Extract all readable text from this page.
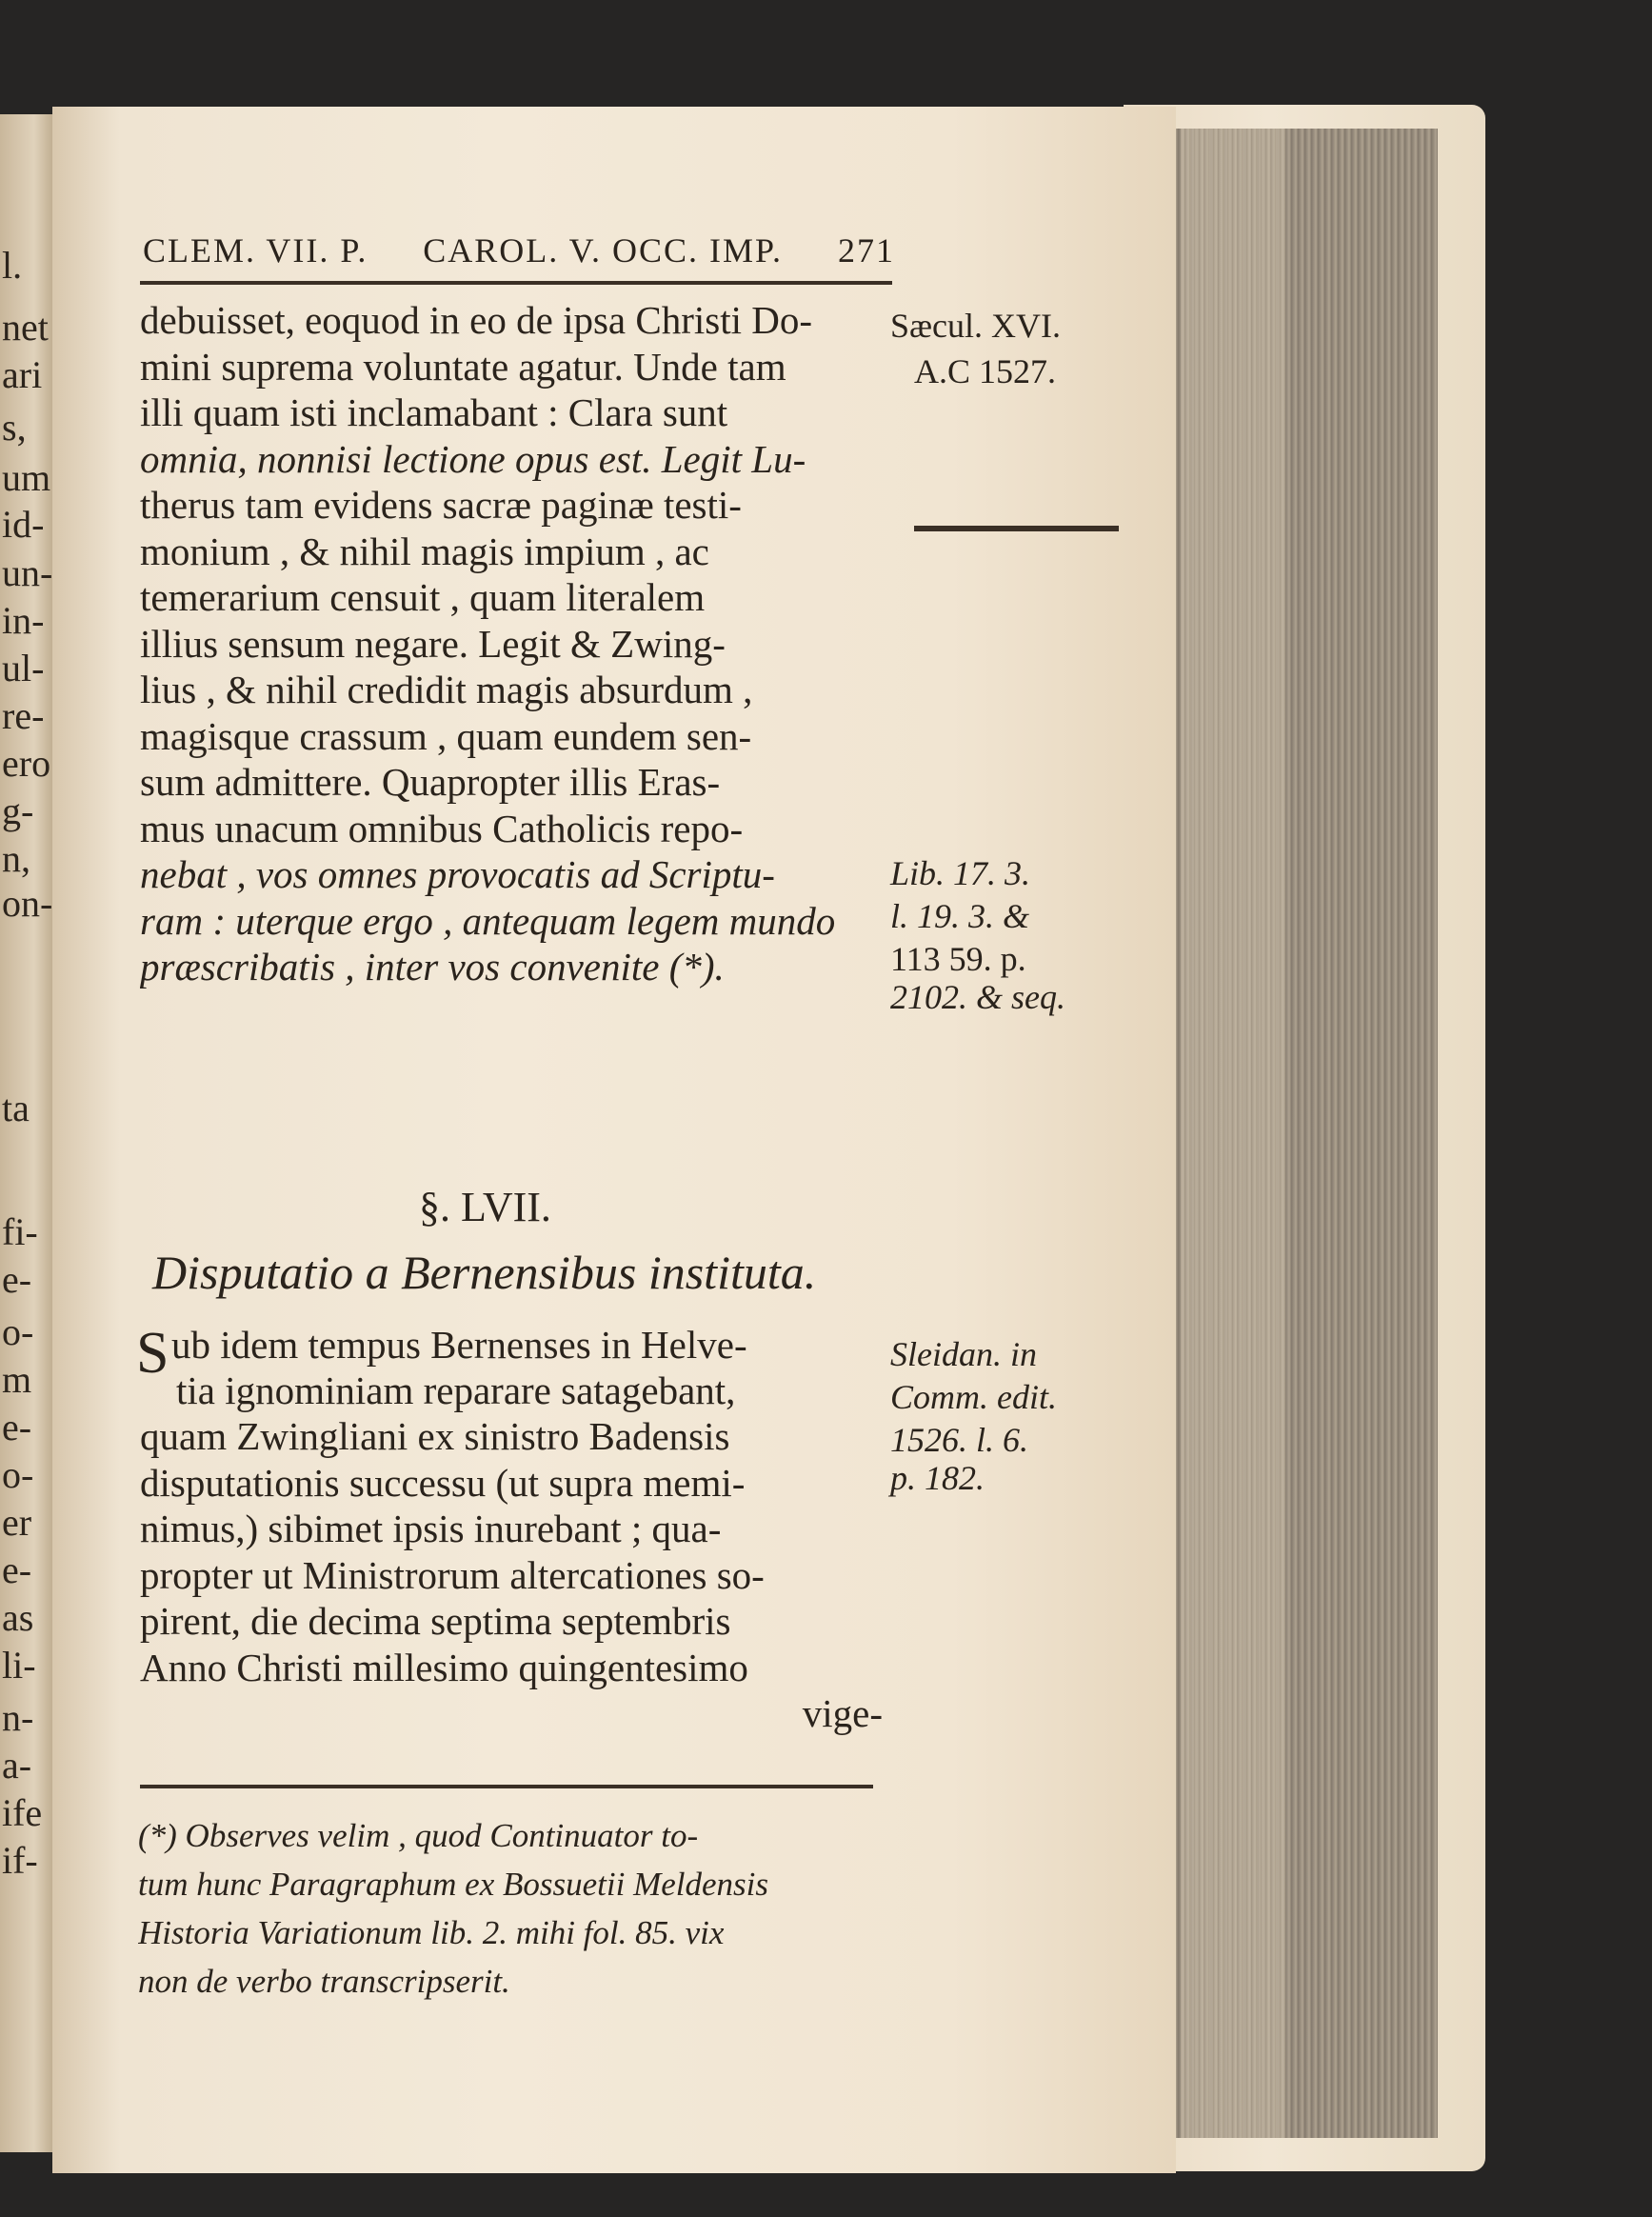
l.
net
ari
s,
um
id-
un-
in-
ul-
re-
ero
g-
n,
on-
ta
fi-
e-
o-
m
e-
o-
er
e-
as
li-
n-
a-
ife
if-
CLEM. VII. P. CAROL. V. OCC. IMP. 271
debuisset, eoquod in eo de ipsa Christi Do-
mini suprema voluntate agatur. Unde tam
illi quam isti inclamabant : Clara sunt
omnia, nonnisi lectione opus est. Legit Lu-
therus tam evidens sacræ paginæ testi-
monium , & nihil magis impium , ac
temerarium censuit , quam literalem
illius sensum negare. Legit & Zwing-
lius , & nihil credidit magis absurdum ,
magisque crassum , quam eundem sen-
sum admittere. Quapropter illis Eras-
mus unacum omnibus Catholicis repo-
nebat , vos omnes provocatis ad Scriptu-
ram : uterque ergo , antequam legem mundo
præscribatis , inter vos convenite (*).
Sæcul. XVI.
A.C 1527.
Lib. 17. 3.
l. 19. 3. &
113 59. p.
2102. & seq.
§. LVII.
Disputatio a Bernensibus instituta.
S ub idem tempus Bernenses in Helve-
tia ignominiam reparare satagebant,
quam Zwingliani ex sinistro Badensis
disputationis successu (ut supra memi-
nimus,) sibimet ipsis inurebant ; qua-
propter ut Ministrorum altercationes so-
pirent, die decima septima septembris
Anno Christi millesimo quingentesimo
vige-
Sleidan. in
Comm. edit.
1526. l. 6.
p. 182.
(*) Observes velim , quod Continuator to-
tum hunc Paragraphum ex Bossuetii Meldensis
Historia Variationum lib. 2. mihi fol. 85. vix
non de verbo transcripserit.
